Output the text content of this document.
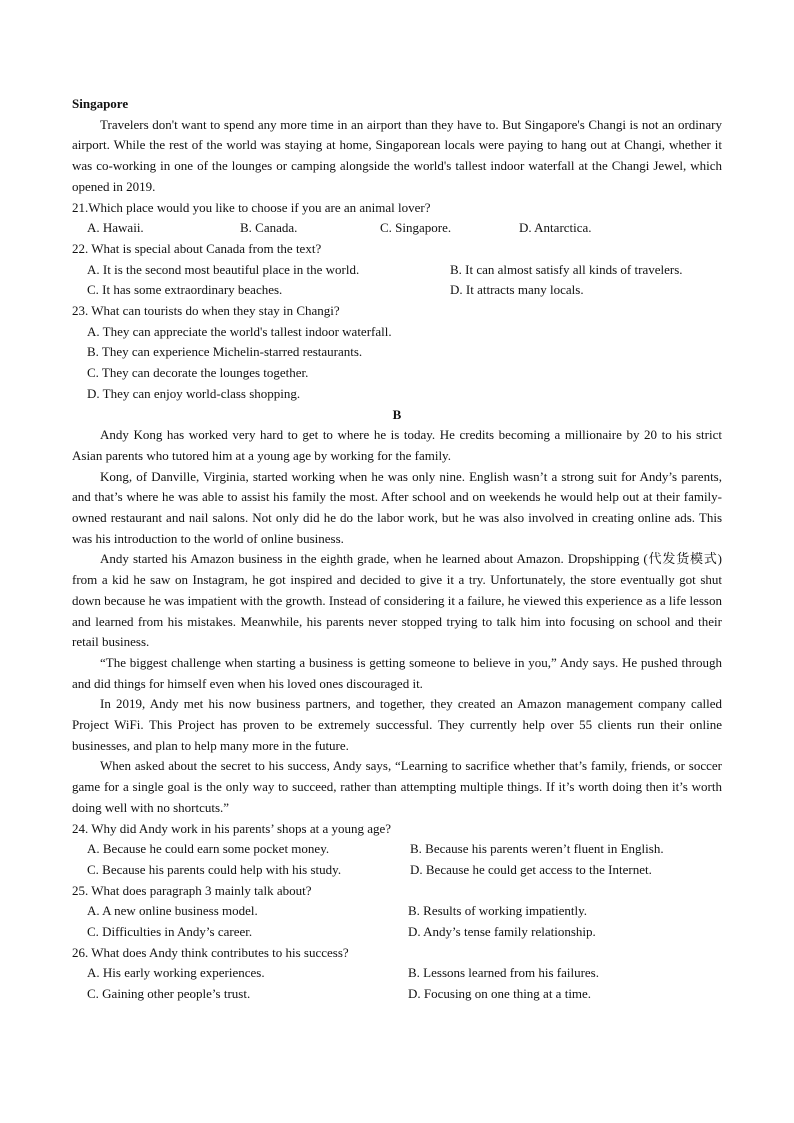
Singapore

Travelers don't want to spend any more time in an airport than they have to. But Singapore's Changi is not an ordinary airport. While the rest of the world was staying at home, Singaporean locals were paying to hang out at Changi, whether it was co-working in one of the lounges or camping alongside the world's tallest indoor waterfall at the Changi Jewel, which opened in 2019.

21.Which place would you like to choose if you are an animal lover?

A. Hawaii.	B. Canada.	C. Singapore.	D. Antarctica.

22. What is special about Canada from the text?

A. It is the second most beautiful place in the world.	B. It can almost satisfy all kinds of travelers.
C. It has some extraordinary beaches.	D. It attracts many locals.

23. What can tourists do when they stay in Changi?

A. They can appreciate the world's tallest indoor waterfall.

B. They can experience Michelin-starred restaurants.

C. They can decorate the lounges together.

D. They can enjoy world-class shopping.

B

Andy Kong has worked very hard to get to where he is today. He credits becoming a millionaire by 20 to his strict Asian parents who tutored him at a young age by working for the family.

Kong, of Danville, Virginia, started working when he was only nine. English wasn’t a strong suit for Andy’s parents, and that’s where he was able to assist his family the most. After school and on weekends he would help out at their family-owned restaurant and nail salons. Not only did he do the labor work, but he was also involved in creating online ads. This was his introduction to the world of online business.

Andy started his Amazon business in the eighth grade, when he learned about Amazon. Dropshipping (代发货模式) from a kid he saw on Instagram, he got inspired and decided to give it a try. Unfortunately, the store eventually got shut down because he was impatient with the growth. Instead of considering it a failure, he viewed this experience as a life lesson and learned from his mistakes. Meanwhile, his parents never stopped trying to talk him into focusing on school and their retail business.

“The biggest challenge when starting a business is getting someone to believe in you,” Andy says. He pushed through and did things for himself even when his loved ones discouraged it.

In 2019, Andy met his now business partners, and together, they created an Amazon management company called Project WiFi. This Project has proven to be extremely successful. They currently help over 55 clients run their online businesses, and plan to help many more in the future.

When asked about the secret to his success, Andy says, “Learning to sacrifice whether that’s family, friends, or soccer game for a single goal is the only way to succeed, rather than attempting multiple things. If it’s worth doing then it’s worth doing well with no shortcuts.”

24. Why did Andy work in his parents’ shops at a young age?

A. Because he could earn some pocket money.	B. Because his parents weren’t fluent in English.
C. Because his parents could help with his study.	D. Because he could get access to the Internet.

25. What does paragraph 3 mainly talk about?

A. A new online business model.	B. Results of working impatiently.
C. Difficulties in Andy’s career.	D. Andy’s tense family relationship.

26. What does Andy think contributes to his success?

A. His early working experiences.	B. Lessons learned from his failures.
C. Gaining other people’s trust.	D. Focusing on one thing at a time.
